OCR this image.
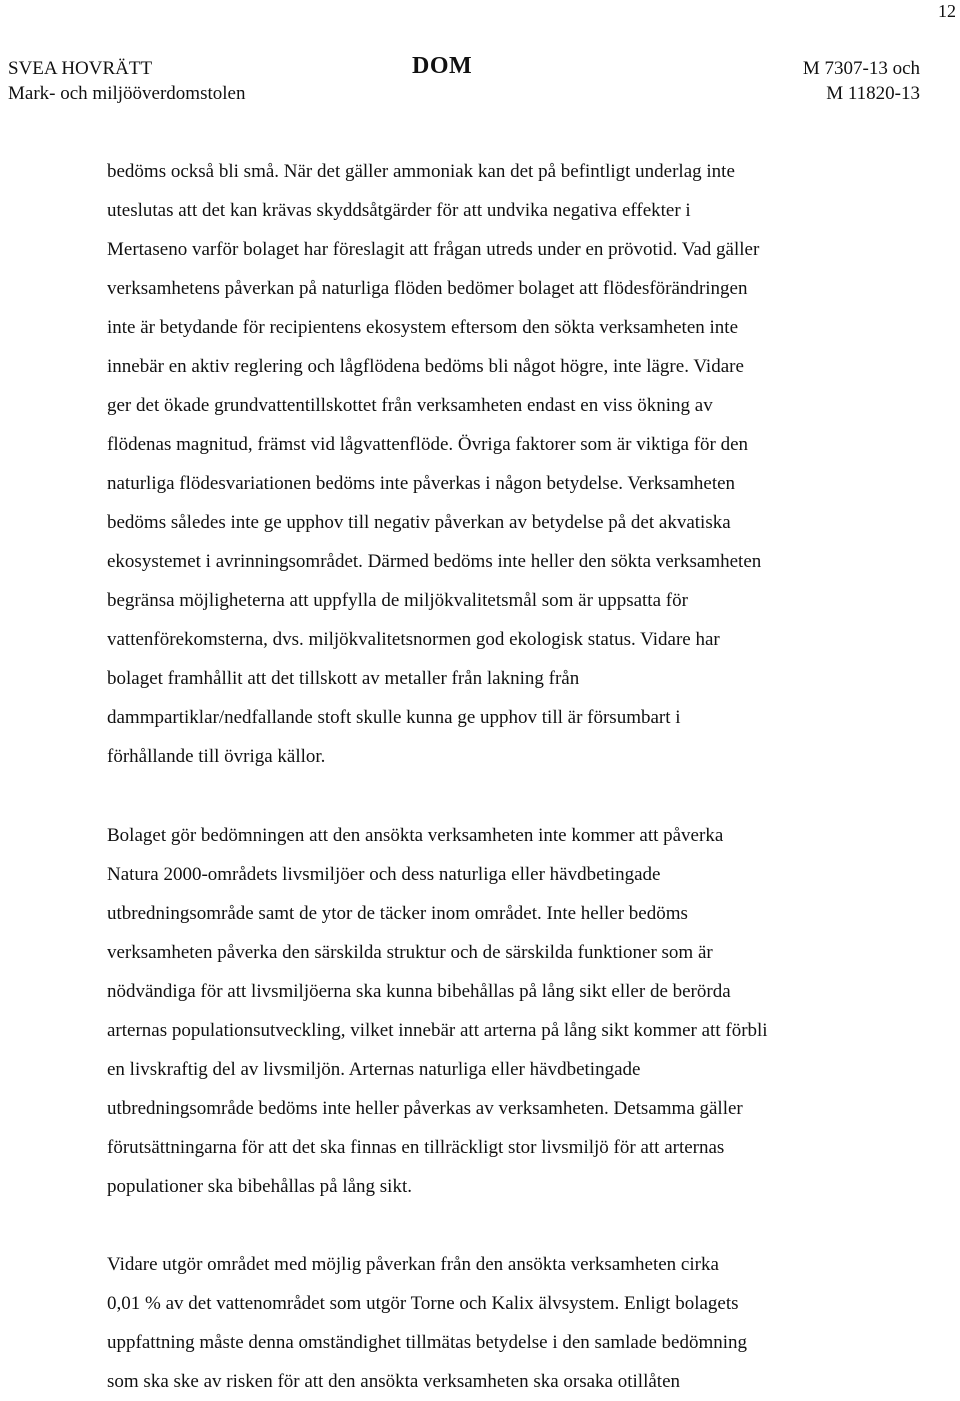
12
SVEA HOVRÄTT
Mark- och miljööverdomstolen
DOM	M 7307-13 och
M 11820-13

bedöms också bli små. När det gäller ammoniak kan det på befintligt underlag inte
uteslutas att det kan krävas skyddsåtgärder för att undvika negativa effekter i
Mertaseno varför bolaget har föreslagit att frågan utreds under en prövotid. Vad gäller
verksamhetens påverkan på naturliga flöden bedömer bolaget att flödesförändringen
inte är betydande för recipientens ekosystem eftersom den sökta verksamheten inte
innebär en aktiv reglering och lågflödena bedöms bli något högre, inte lägre. Vidare
ger det ökade grundvattentillskottet från verksamheten endast en viss ökning av
flödenas magnitud, främst vid lågvattenflöde. Övriga faktorer som är viktiga för den
naturliga flödesvariationen bedöms inte påverkas i någon betydelse. Verksamheten
bedöms således inte ge upphov till negativ påverkan av betydelse på det akvatiska
ekosystemet i avrinningsområdet. Därmed bedöms inte heller den sökta verksamheten
begränsa möjligheterna att uppfylla de miljökvalitetsmål som är uppsatta för
vattenförekomsterna, dvs. miljökvalitetsnormen god ekologisk status. Vidare har
bolaget framhållit att det tillskott av metaller från lakning från
dammpartiklar/nedfallande stoft skulle kunna ge upphov till är försumbart i
förhållande till övriga källor.

Bolaget gör bedömningen att den ansökta verksamheten inte kommer att påverka
Natura 2000-områdets livsmiljöer och dess naturliga eller hävdbetingade
utbredningsområde samt de ytor de täcker inom området. Inte heller bedöms
verksamheten påverka den särskilda struktur och de särskilda funktioner som är
nödvändiga för att livsmiljöerna ska kunna bibehållas på lång sikt eller de berörda
arternas populationsutveckling, vilket innebär att arterna på lång sikt kommer att förbli
en livskraftig del av livsmiljön. Arternas naturliga eller hävdbetingade
utbredningsområde bedöms inte heller påverkas av verksamheten. Detsamma gäller
förutsättningarna för att det ska finnas en tillräckligt stor livsmiljö för att arternas
populationer ska bibehållas på lång sikt.

Vidare utgör området med möjlig påverkan från den ansökta verksamheten cirka
0,01 % av det vattenområdet som utgör Torne och Kalix älvsystem. Enligt bolagets
uppfattning måste denna omständighet tillmätas betydelse i den samlade bedömning
som ska ske av risken för att den ansökta verksamheten ska orsaka otillåten
